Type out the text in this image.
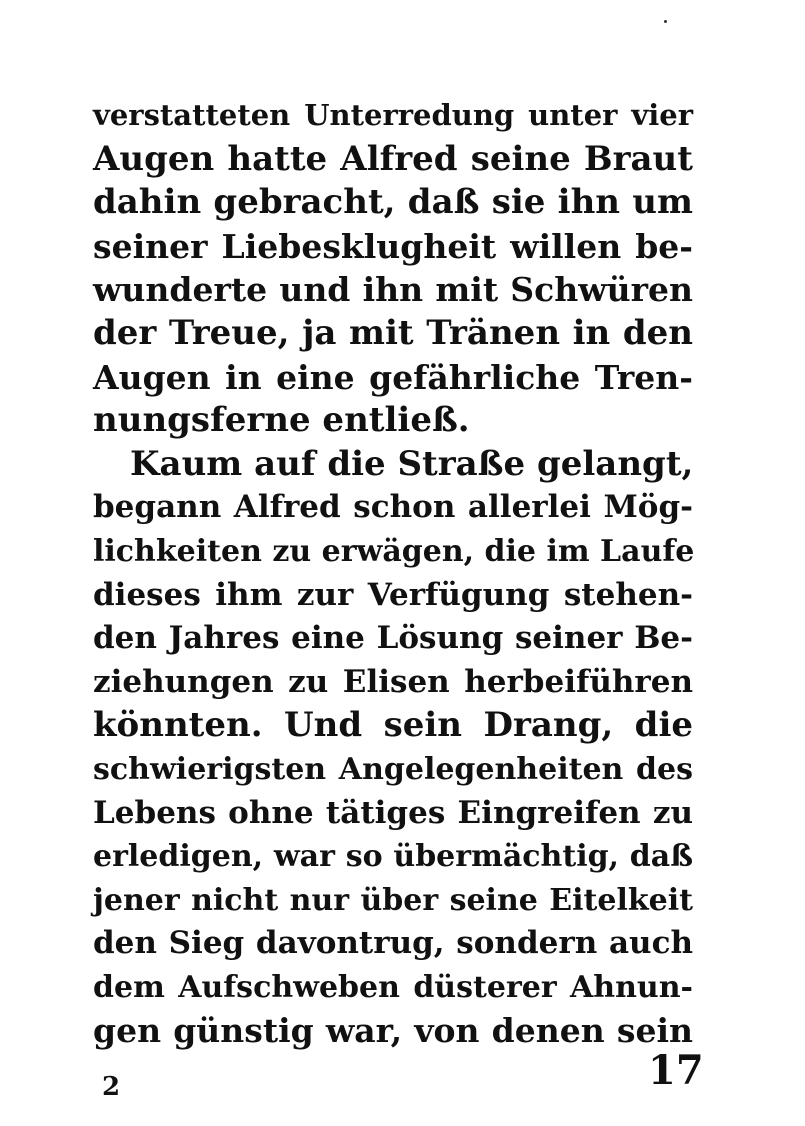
verstatteten Unterredung unter vier
Augen hatte Alfred seine Braut
dahin gebracht, daß sie ihn um
seiner Liebesklugheit willen be-
wunderte und ihn mit Schwüren
der Treue, ja mit Tränen in den
Augen in eine gefährliche Tren-
nungsferne entließ.
Kaum auf die Straße gelangt,
begann Alfred schon allerlei Mög-
lichkeiten zu erwägen, die im Laufe
dieses ihm zur Verfügung stehen-
den Jahres eine Lösung seiner Be-
ziehungen zu Elisen herbeiführen
könnten. Und sein Drang, die
schwierigsten Angelegenheiten des
Lebens ohne tätiges Eingreifen zu
erledigen, war so übermächtig, daß
jener nicht nur über seine Eitelkeit
den Sieg davontrug, sondern auch
dem Aufschweben düsterer Ahnun-
gen günstig war, von denen sein
2	17
